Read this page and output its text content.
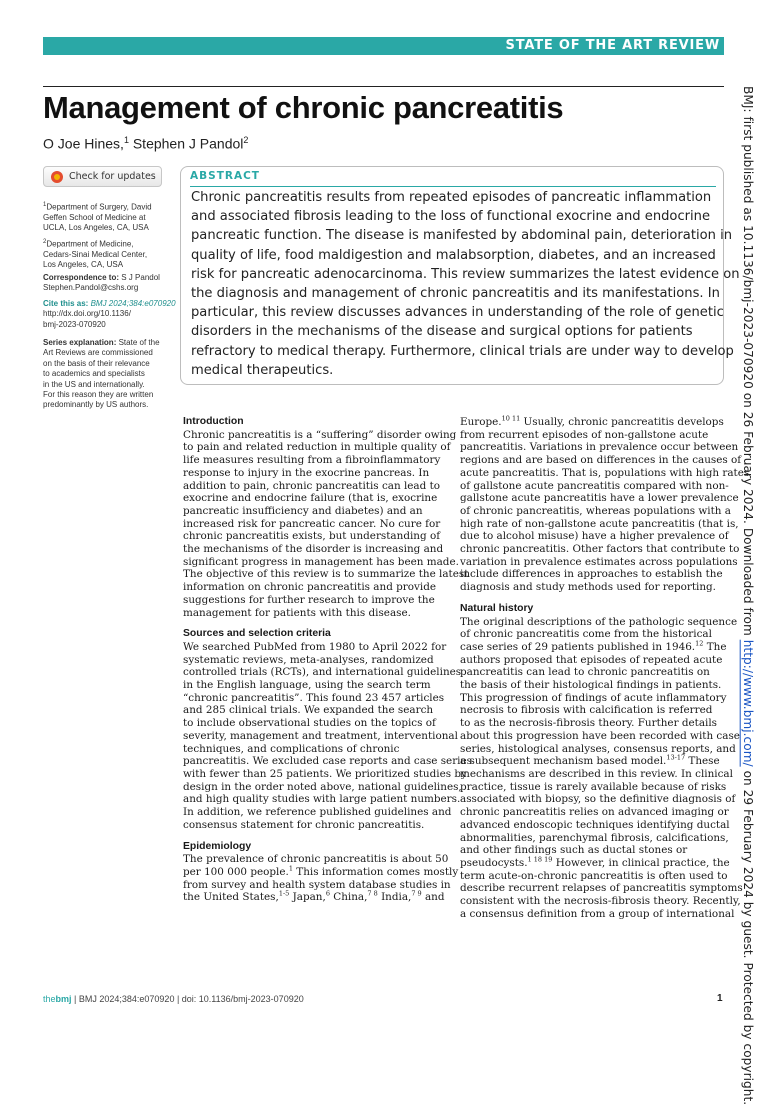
STATE OF THE ART REVIEW
Management of chronic pancreatitis
O Joe Hines,$^1$ Stephen J Pandol$^2$
Check for updates
$^1$Department of Surgery, David
Geffen School of Medicine at
UCLA, Los Angeles, CA, USA
$^2$Department of Medicine,
Cedars-Sinai Medical Center,
Los Angeles, CA, USA
Correspondence to: S J Pandol
Stephen.Pandol@cshs.org
Cite this as: BMJ 2024;384:e070920
http://dx.doi.org/10.1136/
bmj-2023-070920
Series explanation: State of the
Art Reviews are commissioned
on the basis of their relevance
to academics and specialists
in the US and internationally.
For this reason they are written
predominantly by US authors.
ABSTRACT
Chronic pancreatitis results from repeated episodes of pancreatic inflammation
and associated fibrosis leading to the loss of functional exocrine and endocrine
pancreatic function. The disease is manifested by abdominal pain, deterioration in
quality of life, food maldigestion and malabsorption, diabetes, and an increased
risk for pancreatic adenocarcinoma. This review summarizes the latest evidence on
the diagnosis and management of chronic pancreatitis and its manifestations. In
particular, this review discusses advances in understanding of the role of genetic
disorders in the mechanisms of the disease and surgical options for patients
refractory to medical therapy. Furthermore, clinical trials are under way to develop
medical therapeutics.
Introduction
Chronic pancreatitis is a “suffering” disorder owing
to pain and related reduction in multiple quality of
life measures resulting from a fibroinflammatory
response to injury in the exocrine pancreas. In
addition to pain, chronic pancreatitis can lead to
exocrine and endocrine failure (that is, exocrine
pancreatic insufficiency and diabetes) and an
increased risk for pancreatic cancer. No cure for
chronic pancreatitis exists, but understanding of
the mechanisms of the disorder is increasing and
significant progress in management has been made.
The objective of this review is to summarize the latest
information on chronic pancreatitis and provide
suggestions for further research to improve the
management for patients with this disease.
Sources and selection criteria
We searched PubMed from 1980 to April 2022 for
systematic reviews, meta-analyses, randomized
controlled trials (RCTs), and international guidelines
in the English language, using the search term
“chronic pancreatitis”. This found 23 457 articles
and 285 clinical trials. We expanded the search
to include observational studies on the topics of
severity, management and treatment, interventional
techniques, and complications of chronic
pancreatitis. We excluded case reports and case series
with fewer than 25 patients. We prioritized studies by
design in the order noted above, national guidelines,
and high quality studies with large patient numbers.
In addition, we reference published guidelines and
consensus statement for chronic pancreatitis.
Epidemiology
The prevalence of chronic pancreatitis is about 50
per 100 000 people.$^1$ This information comes mostly
from survey and health system database studies in
the United States,$^{1-5}$ Japan,$^6$ China,$^{7 8}$ India,$^{7 9}$ and
Europe.$^{10 11}$ Usually, chronic pancreatitis develops
from recurrent episodes of non-gallstone acute
pancreatitis. Variations in prevalence occur between
regions and are based on differences in the causes of
acute pancreatitis. That is, populations with high rates
of gallstone acute pancreatitis compared with non-
gallstone acute pancreatitis have a lower prevalence
of chronic pancreatitis, whereas populations with a
high rate of non-gallstone acute pancreatitis (that is,
due to alcohol misuse) have a higher prevalence of
chronic pancreatitis. Other factors that contribute to
variation in prevalence estimates across populations
include differences in approaches to establish the
diagnosis and study methods used for reporting.
Natural history
The original descriptions of the pathologic sequence
of chronic pancreatitis come from the historical
case series of 29 patients published in 1946.12 The
authors proposed that episodes of repeated acute
pancreatitis can lead to chronic pancreatitis on
the basis of their histological findings in patients.
This progression of findings of acute inflammatory
necrosis to fibrosis with calcification is referred
to as the necrosis-fibrosis theory. Further details
about this progression have been recorded with case
series, histological analyses, consensus reports, and
a subsequent mechanism based model.$^{13-17}$ These
mechanisms are described in this review. In clinical
practice, tissue is rarely available because of risks
associated with biopsy, so the definitive diagnosis of
chronic pancreatitis relies on advanced imaging or
advanced endoscopic techniques identifying ductal
abnormalities, parenchymal fibrosis, calcifications,
and other findings such as ductal stones or
pseudocysts.$^{1 18 19}$ However, in clinical practice, the
term acute-on-chronic pancreatitis is often used to
describe recurrent relapses of pancreatitis symptoms
consistent with the necrosis-fibrosis theory. Recently,
a consensus definition from a group of international
BMJ: first published as 10.1136/bmj-2023-070920 on 26 February 2024. Downloaded from http://www.bmj.com/ on 29 February 2024 by guest. Protected by copyright.
thebmj | BMJ 2024;384:e070920 | doi: 10.1136/bmj-2023-070920	1
